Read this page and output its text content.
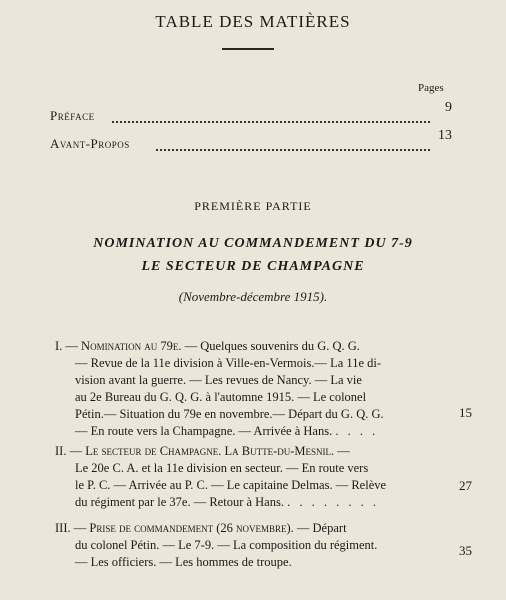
TABLE DES MATIÈRES
Pages
Préface
9
Avant-Propos
13
PREMIÈRE PARTIE
NOMINATION AU COMMANDEMENT DU 7-9
LE SECTEUR DE CHAMPAGNE
(Novembre-décembre 1915).
I. — Nomination au 79e. — Quelques souvenirs du G. Q. G.
— Revue de la 11e division à Ville-en-Vermois.— La 11e di-
vision avant la guerre. — Les revues de Nancy. — La vie
au 2e Bureau du G. Q. G. à l'automne 1915. — Le colonel
Pétin.— Situation du 79e en novembre.— Départ du G. Q. G.
— En route vers la Champagne. — Arrivée à Hans. . . . .
15
II. — Le secteur de Champagne. La Butte-du-Mesnil. —
Le 20e C. A. et la 11e division en secteur. — En route vers
le P. C. — Arrivée au P. C. — Le capitaine Delmas. — Relève
du régiment par le 37e. — Retour à Hans. . . . . . . . .
27
III. — Prise de commandement (26 novembre). — Départ
du colonel Pétin. — Le 7-9. — La composition du régiment.
— Les officiers. — Les hommes de troupe.
35
